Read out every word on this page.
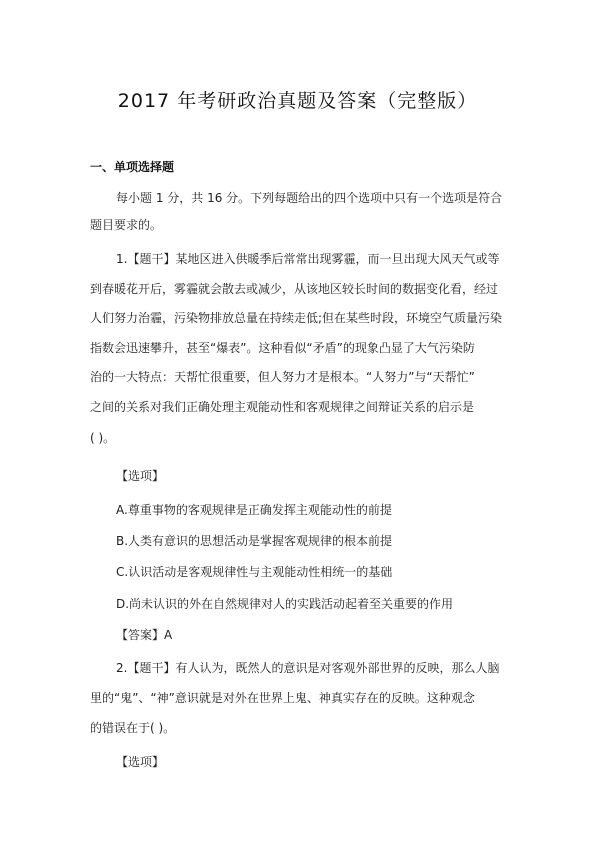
2017 年考研政治真题及答案（完整版）
一、单项选择题
每小题 1 分，共 16 分。下列每题给出的四个选项中只有一个选项是符合
题目要求的。
1.【题干】某地区进入供暖季后常常出现雾霾，而一旦出现大风天气或等
到春暖花开后，雾霾就会散去或减少，从该地区较长时间的数据变化看，经过
人们努力治霾，污染物排放总量在持续走低;但在某些时段，环境空气质量污染
指数会迅速攀升，甚至“爆表”。这种看似“矛盾”的现象凸显了大气污染防
治的一大特点：天帮忙很重要，但人努力才是根本。“人努力”与“天帮忙”
之间的关系对我们正确处理主观能动性和客观规律之间辩证关系的启示是
( )。
【选项】
A.尊重事物的客观规律是正确发挥主观能动性的前提
B.人类有意识的思想活动是掌握客观规律的根本前提
C.认识活动是客观规律性与主观能动性相统一的基础
D.尚未认识的外在自然规律对人的实践活动起着至关重要的作用
【答案】A
2.【题干】有人认为，既然人的意识是对客观外部世界的反映，那么人脑
里的“鬼”、“神”意识就是对外在世界上鬼、神真实存在的反映。这种观念
的错误在于( )。
【选项】
